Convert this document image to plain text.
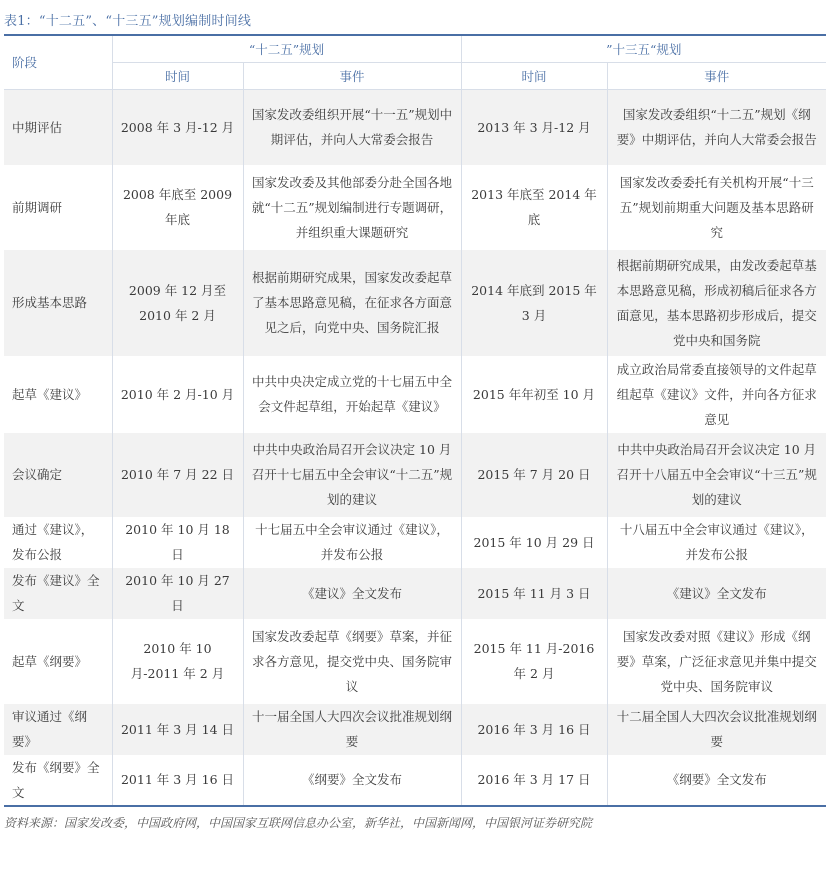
表1：“十二五”、“十三五”规划编制时间线
阶段	“十二五”规划		”十三五“规划	
	时间	事件	时间	事件
中期评估	2008 年 3 月-12 月	国家发改委组织开展“十一五”规划中期评估，并向人大常委会报告	2013 年 3 月-12 月	国家发改委组织“十二五”规划《纲要》中期评估，并向人大常委会报告
前期调研	2008 年底至 2009 年底	国家发改委及其他部委分赴全国各地就“十二五”规划编制进行专题调研，并组织重大课题研究	2013 年底至 2014 年底	国家发改委委托有关机构开展“十三五”规划前期重大问题及基本思路研究
形成基本思路	2009 年 12 月至 2010 年 2 月	根据前期研究成果，国家发改委起草了基本思路意见稿，在征求各方面意见之后，向党中央、国务院汇报	2014 年底到 2015 年 3 月	根据前期研究成果，由发改委起草基本思路意见稿，形成初稿后征求各方面意见，基本思路初步形成后，提交党中央和国务院
起草《建议》	2010 年 2 月-10 月	中共中央决定成立党的十七届五中全会文件起草组，开始起草《建议》	2015 年年初至 10 月	成立政治局常委直接领导的文件起草组起草《建议》文件，并向各方征求意见
会议确定	2010 年 7 月 22 日	中共中央政治局召开会议决定 10 月召开十七届五中全会审议“十二五”规划的建议	2015 年 7 月 20 日	中共中央政治局召开会议决定 10 月召开十八届五中全会审议“十三五”规划的建议
通过《建议》，发布公报	2010 年 10 月 18 日	十七届五中全会审议通过《建议》，并发布公报	2015 年 10 月 29 日	十八届五中全会审议通过《建议》，并发布公报
发布《建议》全文	2010 年 10 月 27 日	《建议》全文发布	2015 年 11 月 3 日	《建议》全文发布
起草《纲要》	2010 年 10 月-2011 年 2 月	国家发改委起草《纲要》草案，并征求各方意见，提交党中央、国务院审议	2015 年 11 月-2016 年 2 月	国家发改委对照《建议》形成《纲要》草案，广泛征求意见并集中提交党中央、国务院审议
审议通过《纲要》	2011 年 3 月 14 日	十一届全国人大四次会议批准规划纲要	2016 年 3 月 16 日	十二届全国人大四次会议批准规划纲要
发布《纲要》全文	2011 年 3 月 16 日	《纲要》全文发布	2016 年 3 月 17 日	《纲要》全文发布
资料来源：国家发改委，中国政府网，中国国家互联网信息办公室，新华社，中国新闻网，中国银河证券研究院
